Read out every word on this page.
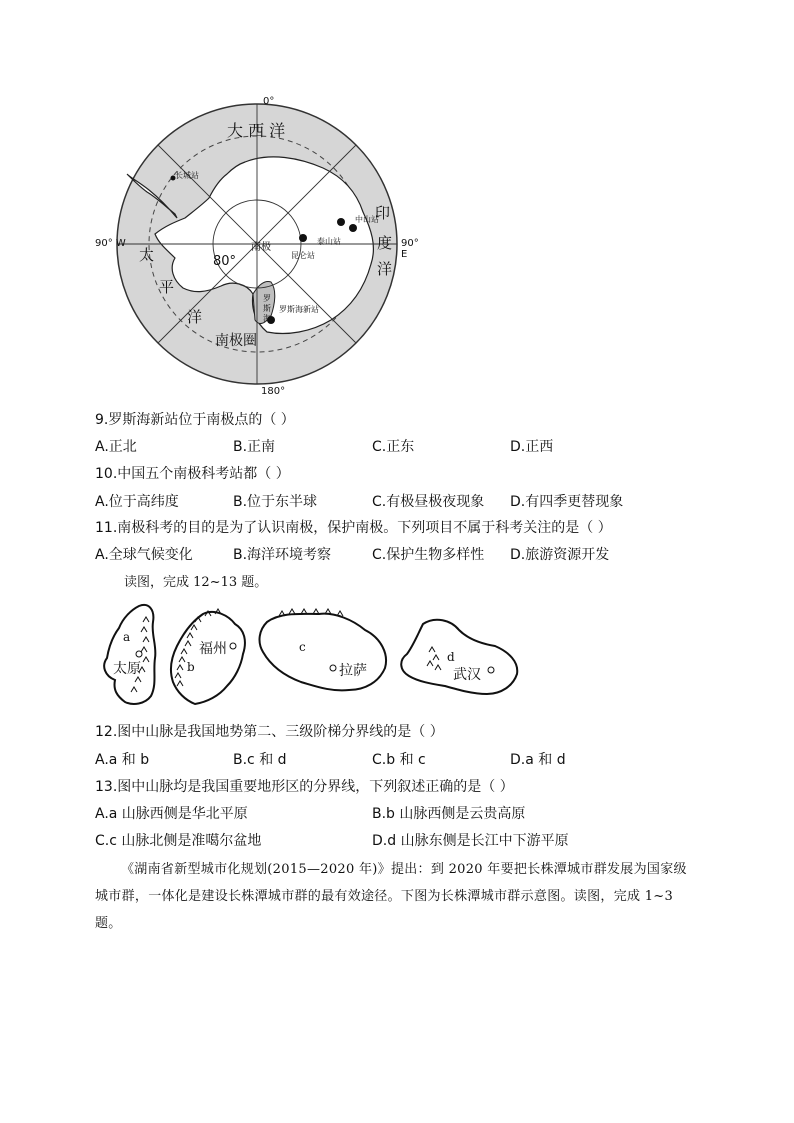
0°
90° W	90° E
180°
80°
大 西 洋
印
度
洋
太
平
洋
南极圈
南极
长城站
中山站
泰山站
昆仑站
罗斯海新站
罗 斯 海
9.罗斯海新站位于南极点的（ ）
A.正北	B.正南	C.正东	D.正西
10.中国五个南极科考站都（ ）
A.位于高纬度	B.位于东半球	C.有极昼极夜现象 D.有四季更替现象
11.南极科考的目的是为了认识南极，保护南极。下列项目不属于科考关注的是（ ）
A.全球气候变化	B.海洋环境考察	C.保护生物多样性 D.旅游资源开发
读图，完成 12~13 题。
a
太原	b
福州	c
拉萨
d
武汉
12.图中山脉是我国地势第二、三级阶梯分界线的是（ ）
A.a 和 b	B.c 和 d	C.b 和 c	D.a 和 d
13.图中山脉均是我国重要地形区的分界线，下列叙述正确的是（ ）
A.a 山脉西侧是华北平原	B.b 山脉西侧是云贵高原
C.c 山脉北侧是准噶尔盆地	D.d 山脉东侧是长江中下游平原
《湖南省新型城市化规划(2015—2020 年)》提出：到 2020 年要把长株潭城市群发展为国家级城市群，一体化是建设长株潭城市群的最有效途径。下图为长株潭城市群示意图。读图，完成 1~3 题。
